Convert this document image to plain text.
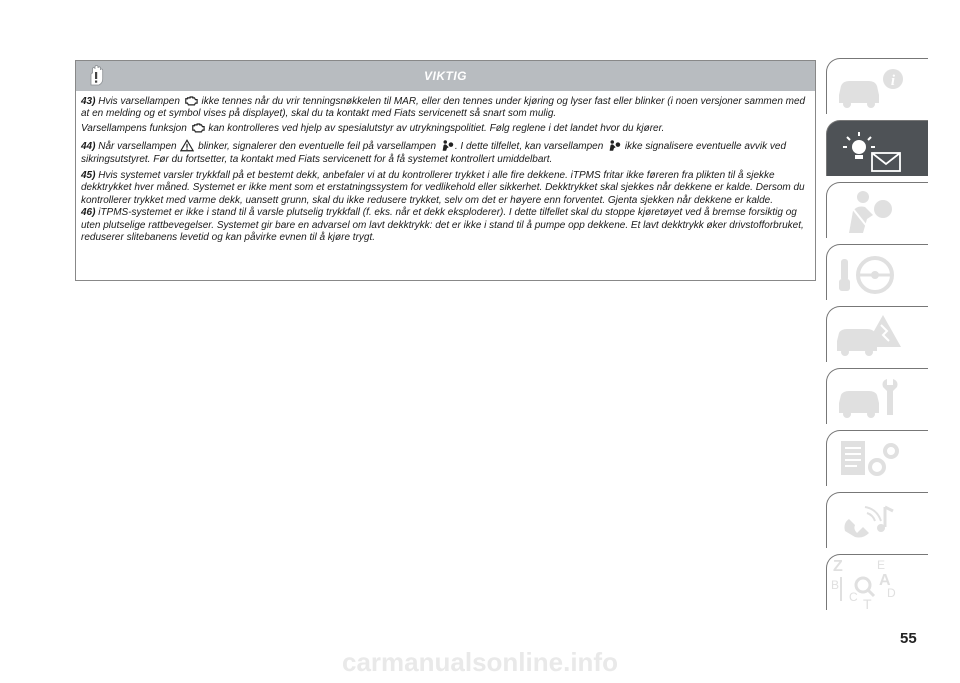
VIKTIG

43) Hvis varsellampen  ikke tennes når du vrir tenningsnøkkelen til MAR, eller den tennes under kjøring og lyser fast eller blinker (i noen versjoner sammen med at en melding og et symbol vises på displayet), skal du ta kontakt med Fiats servicenett så snart som mulig.
Varsellampens funksjon  kan kontrolleres ved hjelp av spesialutstyr av utrykningspolitiet. Følg reglene i det landet hvor du kjører.

44) Når varsellampen  blinker, signalerer den eventuelle feil på varsellampen . I dette tilfellet, kan varsellampen  ikke signalisere eventuelle avvik ved sikringsutstyret. Før du fortsetter, ta kontakt med Fiats servicenett for å få systemet kontrollert umiddelbart.

45) Hvis systemet varsler trykkfall på et bestemt dekk, anbefaler vi at du kontrollerer trykket i alle fire dekkene. iTPMS fritar ikke føreren fra plikten til å sjekke dekktrykket hver måned. Systemet er ikke ment som et erstatningssystem for vedlikehold eller sikkerhet. Dekktrykket skal sjekkes når dekkene er kalde. Dersom du kontrollerer trykket med varme dekk, uansett grunn, skal du ikke redusere trykket, selv om det er høyere enn forventet. Gjenta sjekken når dekkene er kalde.

46) iTPMS-systemet er ikke i stand til å varsle plutselig trykkfall (f. eks. når et dekk eksploderer). I dette tilfellet skal du stoppe kjøretøyet ved å bremse forsiktig og uten plutselige rattbevegelser. Systemet gir bare en advarsel om lavt dekktrykk: det er ikke i stand til å pumpe opp dekkene. Et lavt dekktrykk øker drivstofforbruket, reduserer slitebanens levetid og kan påvirke evnen til å kjøre trygt.

i
Z	E
A
B
C D
T
55
carmanualsonline.info
